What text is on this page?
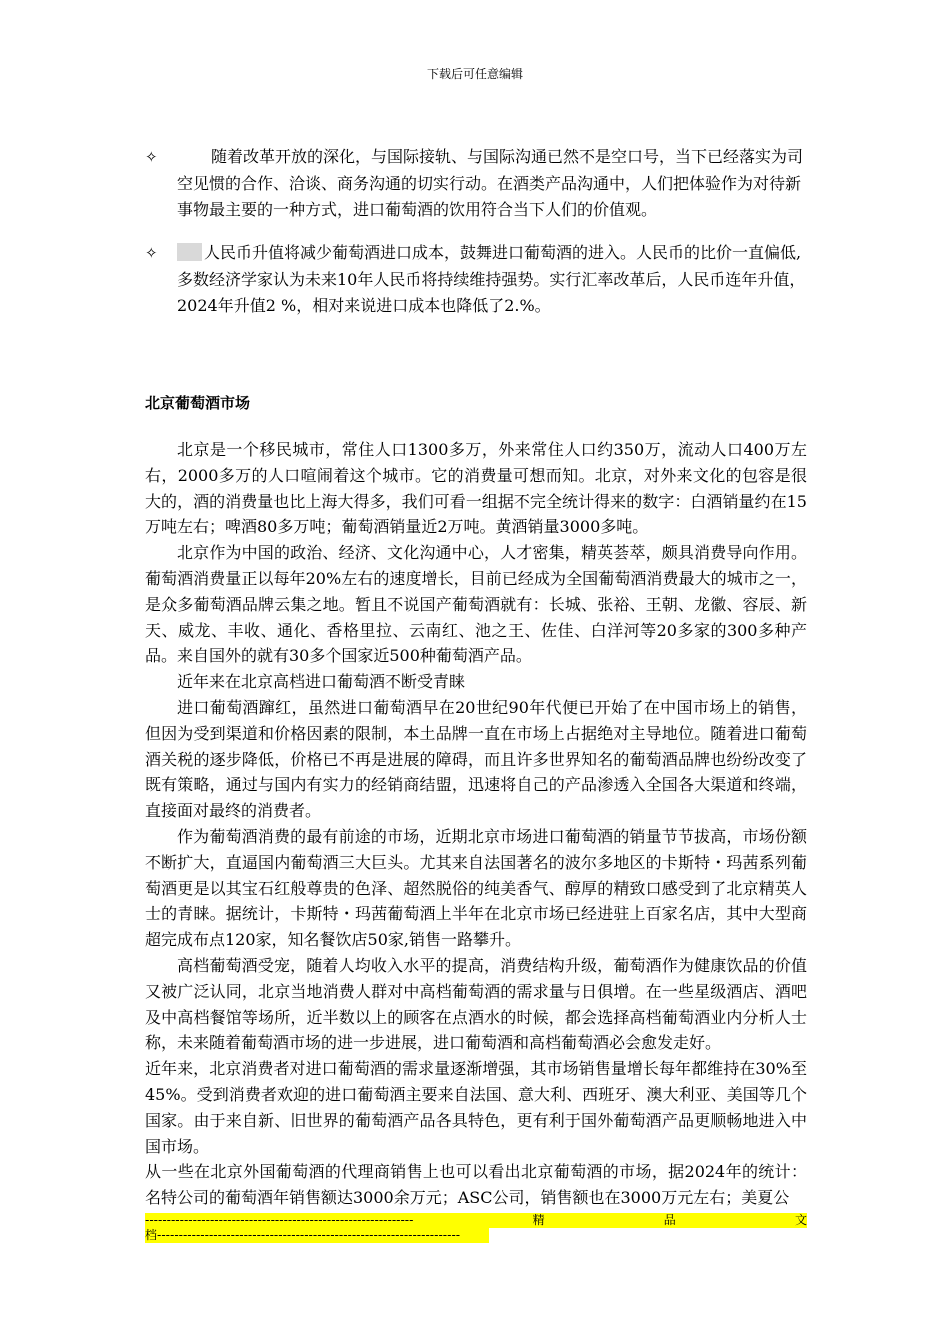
下载后可任意编辑
✧	随着改革开放的深化，与国际接轨、与国际沟通已然不是空口号，当下已经落实为司空见惯的合作、洽谈、商务沟通的切实行动。在酒类产品沟通中，人们把体验作为对待新事物最主要的一种方式，进口葡萄酒的饮用符合当下人们的价值观。
✧	人民币升值将减少葡萄酒进口成本，鼓舞进口葡萄酒的进入。人民币的比价一直偏低,多数经济学家认为未来10年人民币将持续维持强势。实行汇率改革后，人民币连年升值，2024年升值2 %，相对来说进口成本也降低了2.%。
北京葡萄酒市场

北京是一个移民城市，常住人口1300多万，外来常住人口约350万，流动人口400万左右，2000多万的人口喧闹着这个城市。它的消费量可想而知。北京，对外来文化的包容是很大的，酒的消费量也比上海大得多，我们可看一组据不完全统计得来的数字：白酒销量约在15万吨左右；啤酒80多万吨；葡萄酒销量近2万吨。黄酒销量3000多吨。

北京作为中国的政治、经济、文化沟通中心，人才密集，精英荟萃，颇具消费导向作用。葡萄酒消费量正以每年20%左右的速度增长，目前已经成为全国葡萄酒消费最大的城市之一，是众多葡萄酒品牌云集之地。暂且不说国产葡萄酒就有：长城、张裕、王朝、龙徽、容辰、新天、威龙、丰收、通化、香格里拉、云南红、池之王、佐佳、白洋河等20多家的300多种产品。来自国外的就有30多个国家近500种葡萄酒产品。

近年来在北京高档进口葡萄酒不断受青睐

进口葡萄酒蹿红，虽然进口葡萄酒早在20世纪90年代便已开始了在中国市场上的销售，但因为受到渠道和价格因素的限制，本土品牌一直在市场上占据绝对主导地位。随着进口葡萄酒关税的逐步降低，价格已不再是进展的障碍，而且许多世界知名的葡萄酒品牌也纷纷改变了既有策略，通过与国内有实力的经销商结盟，迅速将自己的产品渗透入全国各大渠道和终端，直接面对最终的消费者。

作为葡萄酒消费的最有前途的市场，近期北京市场进口葡萄酒的销量节节拔高，市场份额不断扩大，直逼国内葡萄酒三大巨头。尤其来自法国著名的波尔多地区的卡斯特・玛茜系列葡萄酒更是以其宝石红般尊贵的色泽、超然脱俗的纯美香气、醇厚的精致口感受到了北京精英人士的青睐。据统计，卡斯特・玛茜葡萄酒上半年在北京市场已经进驻上百家名店，其中大型商超完成布点120家，知名餐饮店50家,销售一路攀升。

高档葡萄酒受宠，随着人均收入水平的提高，消费结构升级，葡萄酒作为健康饮品的价值又被广泛认同，北京当地消费人群对中高档葡萄酒的需求量与日俱增。在一些星级酒店、酒吧及中高档餐馆等场所，近半数以上的顾客在点酒水的时候，都会选择高档葡萄酒业内分析人士称，未来随着葡萄酒市场的进一步进展，进口葡萄酒和高档葡萄酒必会愈发走好。

近年来，北京消费者对进口葡萄酒的需求量逐渐增强，其市场销售量增长每年都维持在30%至45%。受到消费者欢迎的进口葡萄酒主要来自法国、意大利、西班牙、澳大利亚、美国等几个国家。由于来自新、旧世界的葡萄酒产品各具特色，更有利于国外葡萄酒产品更顺畅地进入中国市场。

从一些在北京外国葡萄酒的代理商销售上也可以看出北京葡萄酒的市场，据2024年的统计：名特公司的葡萄酒年销售额达3000余万元；ASC公司，销售额也在3000万元左右；美夏公

--------------------------------------------------------------	精	品	文
档----------------------------------------------------------------------
